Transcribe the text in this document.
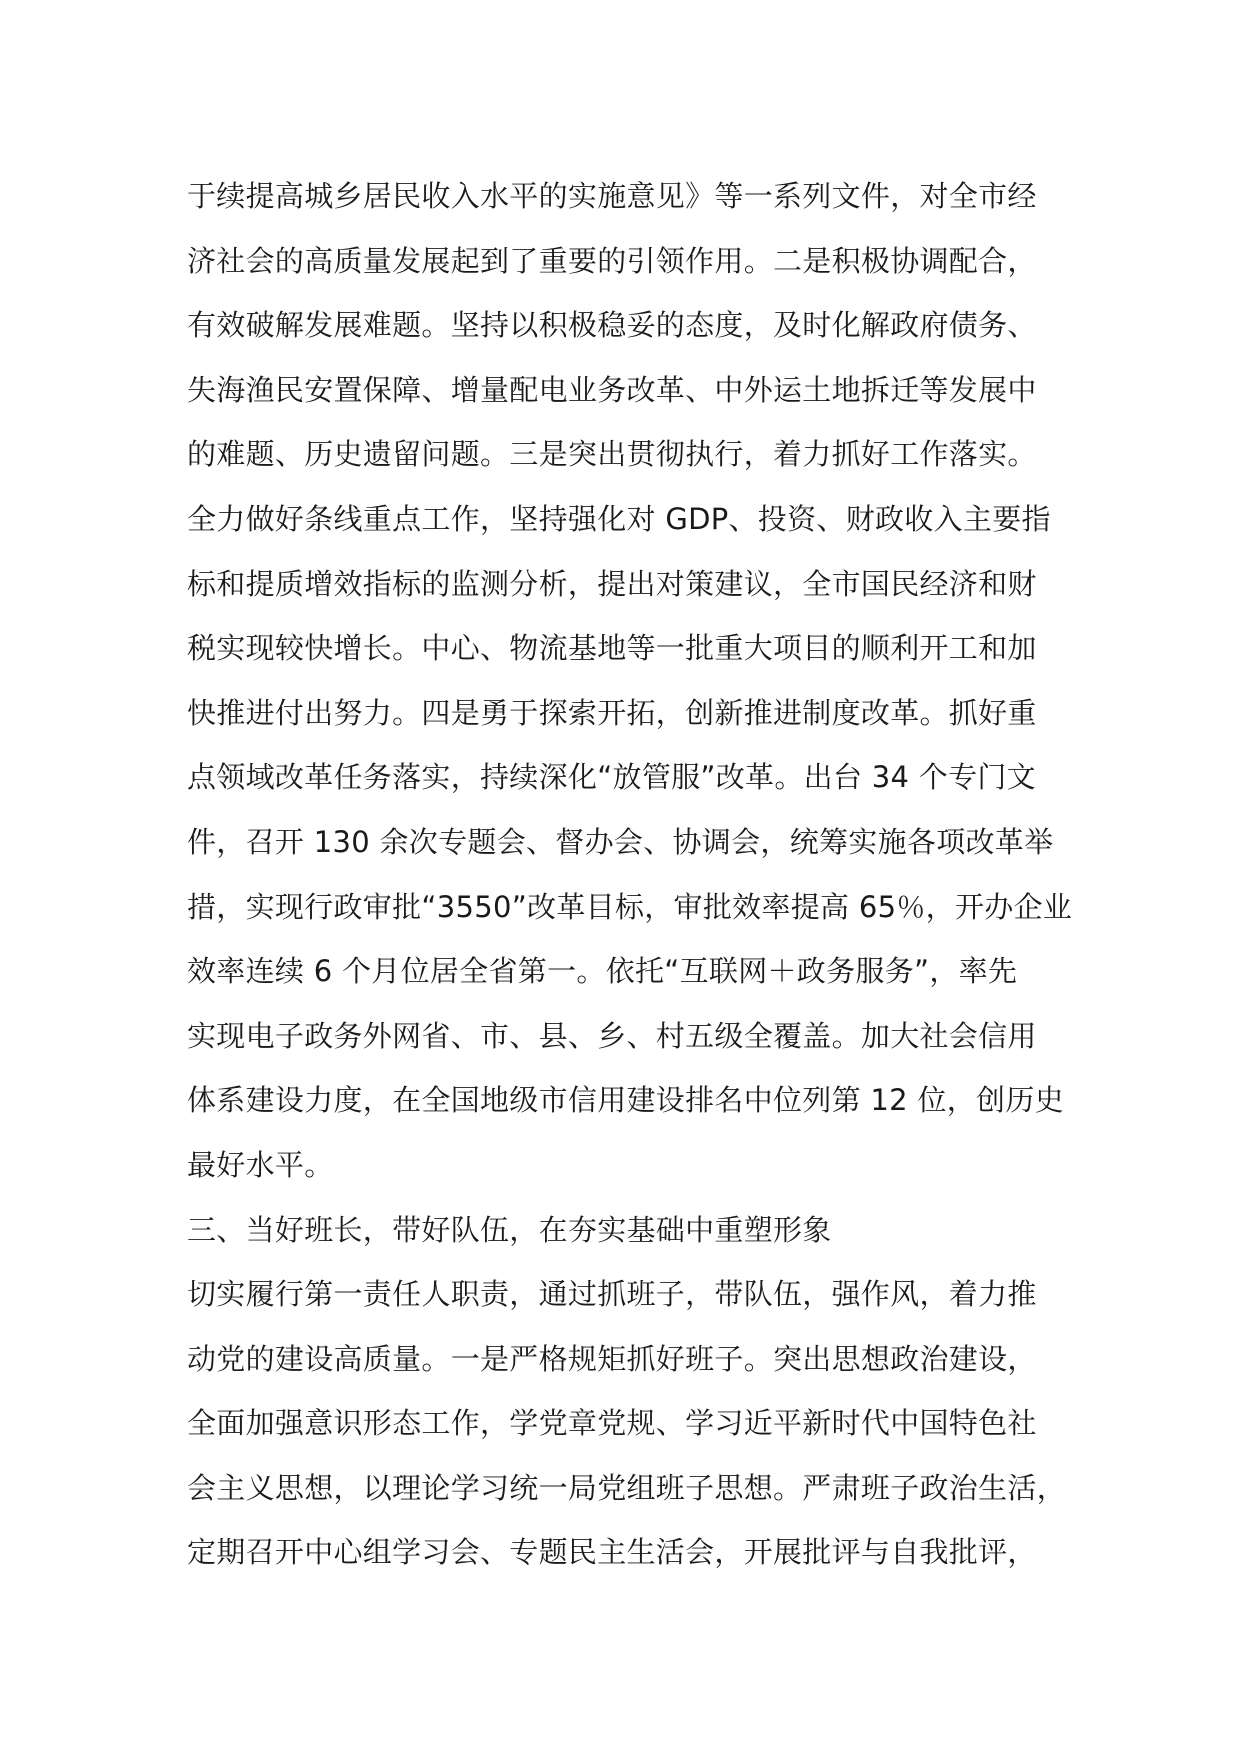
于续提高城乡居民收入水平的实施意见》等一系列文件，对全市经
济社会的高质量发展起到了重要的引领作用。二是积极协调配合，
有效破解发展难题。坚持以积极稳妥的态度，及时化解政府债务、
失海渔民安置保障、增量配电业务改革、中外运土地拆迁等发展中
的难题、历史遗留问题。三是突出贯彻执行，着力抓好工作落实。
全力做好条线重点工作，坚持强化对 GDP、投资、财政收入主要指
标和提质增效指标的监测分析，提出对策建议，全市国民经济和财
税实现较快增长。中心、物流基地等一批重大项目的顺利开工和加
快推进付出努力。四是勇于探索开拓，创新推进制度改革。抓好重
点领域改革任务落实，持续深化“放管服”改革。出台 34 个专门文
件，召开 130 余次专题会、督办会、协调会，统筹实施各项改革举
措，实现行政审批“3550”改革目标，审批效率提高 65％，开办企业
效率连续 6 个月位居全省第一。依托“互联网＋政务服务”，率先
实现电子政务外网省、市、县、乡、村五级全覆盖。加大社会信用
体系建设力度，在全国地级市信用建设排名中位列第 12 位，创历史
最好水平。
三、当好班长，带好队伍，在夯实基础中重塑形象
切实履行第一责任人职责，通过抓班子，带队伍，强作风，着力推
动党的建设高质量。一是严格规矩抓好班子。突出思想政治建设，
全面加强意识形态工作，学党章党规、学习近平新时代中国特色社
会主义思想，以理论学习统一局党组班子思想。严肃班子政治生活，
定期召开中心组学习会、专题民主生活会，开展批评与自我批评，
